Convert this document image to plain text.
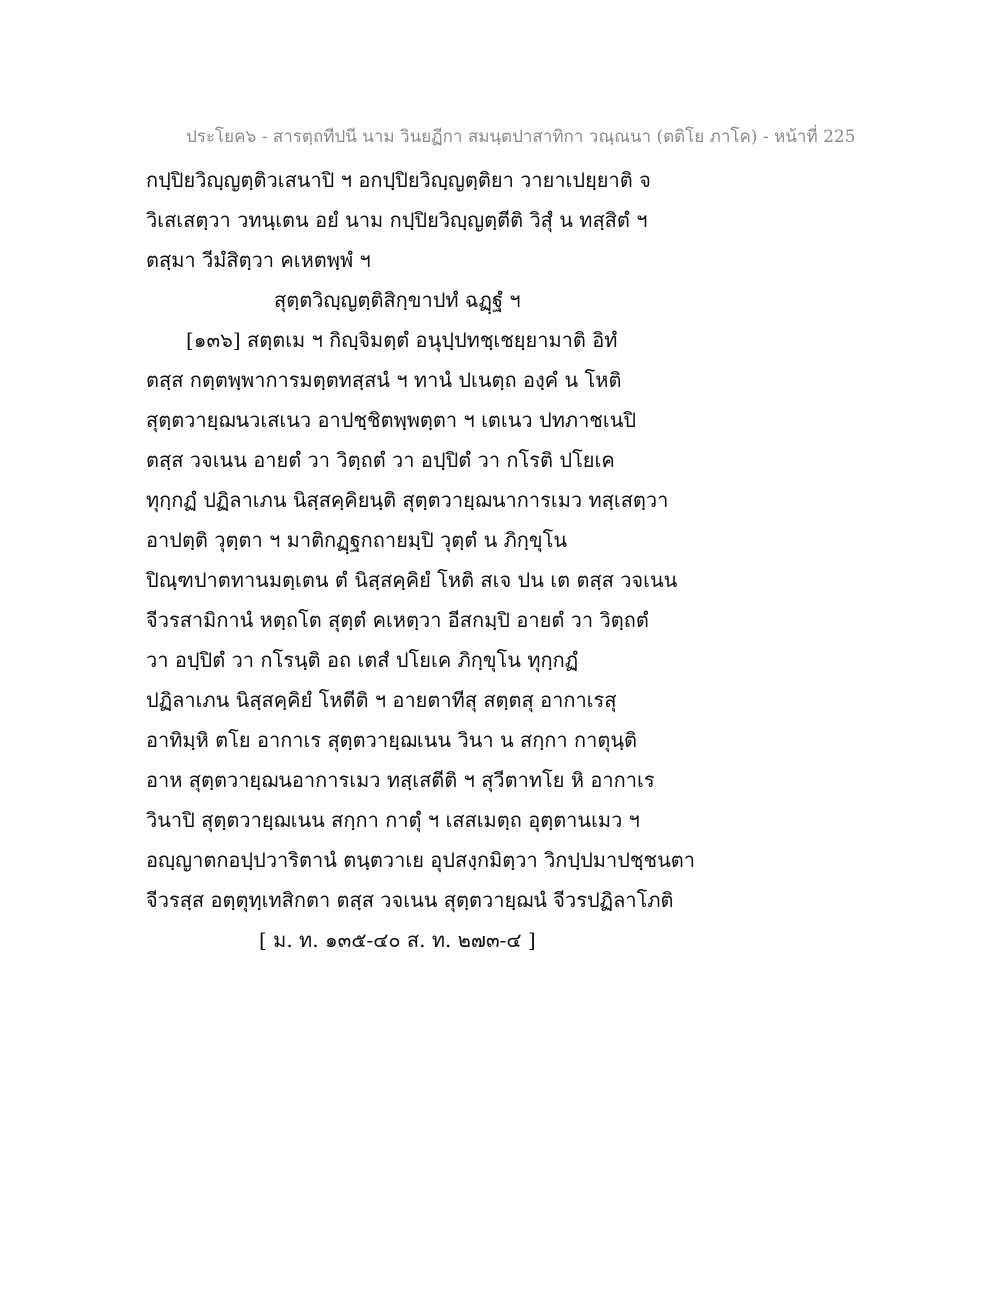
ประโยค๖ - สารตฺถทีปนี นาม วินยฏีกา สมนฺตปาสาทิกา วณฺณนา (ตติโย ภาโค) - หน้าที่ 225
กปฺปิยวิญฺญตฺติวเสนาปิ ฯ อกปฺปิยวิญฺญตฺติยา วายาเปยฺยาติ จ
วิเสเสตฺวา วทนฺเตน อยํ นาม กปฺปิยวิญฺญตฺตีติ วิสุํ น ทสฺสิตํ ฯ
ตสฺมา วีมํสิตฺวา คเหตพฺพํ ฯ
สุตฺตวิญฺญตฺติสิกฺขาปทํ ฉฏฺฐํ ฯ
[๑๓๖] สตฺตเม ฯ กิญฺจิมตฺตํ อนุปฺปทชฺเชยฺยามาติ อิทํ
ตสฺส กตฺตพฺพาการมตฺตทสฺสนํ ฯ ทานํ ปเนตฺถ องฺคํ น โหติ
สุตฺตวายฺฌนวเสเนว อาปชฺชิตพฺพตฺตา ฯ เตเนว ปทภาชเนปิ
ตสฺส วจเนน อายตํ วา วิตฺถตํ วา อปฺปิตํ วา กโรติ ปโยเค
ทุกฺกฏํ ปฏิลาเภน นิสฺสคฺคิยนฺติ สุตฺตวายฺฌนาการเมว ทสฺเสตฺวา
อาปตฺติ วุตฺตา ฯ มาติกฏฺฐกถายมฺปิ วุตฺตํ น ภิกฺขุโน
ปิณฺฑปาตทานมตฺเตน ตํ นิสฺสคฺคิยํ โหติ สเจ ปน เต ตสฺส วจเนน
จีวรสามิกานํ หตฺถโต สุตฺตํ คเหตฺวา อีสกมฺปิ อายตํ วา วิตฺถตํ
วา อปฺปิตํ วา กโรนฺติ อถ เตสํ ปโยเค ภิกฺขุโน ทุกฺกฏํ
ปฏิลาเภน นิสฺสคฺคิยํ โหตีติ ฯ อายตาทีสุ สตฺตสุ อากาเรสุ
อาทิมฺหิ ตโย อากาเร สุตฺตวายฺฌเนน วินา น สกฺกา กาตุนฺติ
อาห สุตฺตวายฺฌนอาการเมว ทสฺเสตีติ ฯ สุวีตาทโย หิ อากาเร
วินาปิ สุตฺตวายฺฌเนน สกฺกา กาตุํ ฯ เสสเมตฺถ อุตฺตานเมว ฯ
อญฺญาตกอปฺปวาริตานํ ตนฺตวาเย อุปสงฺกมิตฺวา วิกปฺปมาปชฺชนตา
จีวรสฺส อตฺตุทฺเทสิกตา ตสฺส วจเนน สุตฺตวายฺฌนํ จีวรปฏิลาโภติ
[ ม. ท. ๑๓๕-๔๐ ส. ท. ๒๗๓-๔ ]
